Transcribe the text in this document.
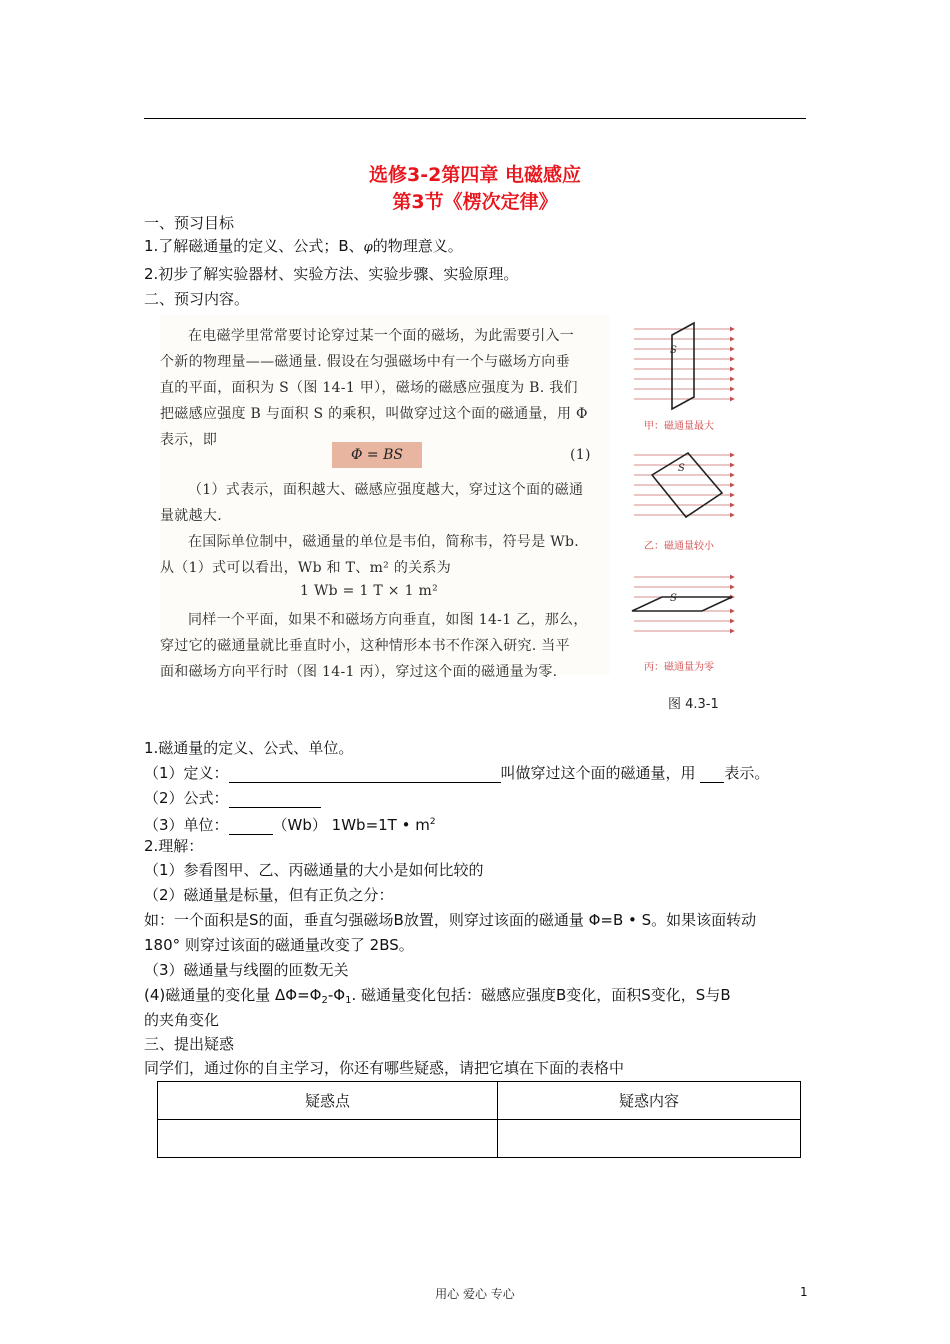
选修3-2第四章 电磁感应
第3节《楞次定律》
一、预习目标
1.了解磁通量的定义、公式；B、φ的物理意义。
2.初步了解实验器材、实验方法、实验步骤、实验原理。
二、预习内容。

在电磁学里常常要讨论穿过某一个面的磁场，为此需要引入一

个新的物理量——磁通量. 假设在匀强磁场中有一个与磁场方向垂

直的平面，面积为 S（图 14-1 甲），磁场的磁感应强度为 B. 我们

把磁感应强度 B 与面积 S 的乘积，叫做穿过这个面的磁通量，用 Φ

表示，即

Φ = BS	(1)

（1）式表示，面积越大、磁感应强度越大，穿过这个面的磁通

量就越大.

在国际单位制中，磁通量的单位是韦伯，简称韦，符号是 Wb.

从（1）式可以看出，Wb 和 T、m² 的关系为

1 Wb = 1 T × 1 m²

同样一个平面，如果不和磁场方向垂直，如图 14-1 乙，那么，

穿过它的磁通量就比垂直时小，这种情形本书不作深入研究. 当平

面和磁场方向平行时（图 14-1 丙），穿过这个面的磁通量为零.

S
S
S
甲：磁通量最大
乙：磁通量较小
丙：磁通量为零
图 4.3-1
1.磁通量的定义、公式、单位。
（1）定义：	叫做穿过这个面的磁通量，用 表示。
（2）公式：
（3）单位：	（Wb） 1Wb=1T • $m^2$
2.理解：
（1）参看图甲、乙、丙磁通量的大小是如何比较的
（2）磁通量是标量，但有正负之分：
如：一个面积是S的面，垂直匀强磁场B放置，则穿过该面的磁通量 Φ=B • S。如果该面转动
180° 则穿过该面的磁通量改变了 2BS。
（3）磁通量与线圈的匝数无关
(4)磁通量的变化量 $\Delta\Phi=\Phi_2-\Phi_1$. 磁通量变化包括：磁感应强度B变化，面积S变化，S与B
的夹角变化
三、提出疑惑
同学们，通过你的自主学习，你还有哪些疑惑，请把它填在下面的表格中
疑惑点	疑惑内容

用心 爱心 专心	1
